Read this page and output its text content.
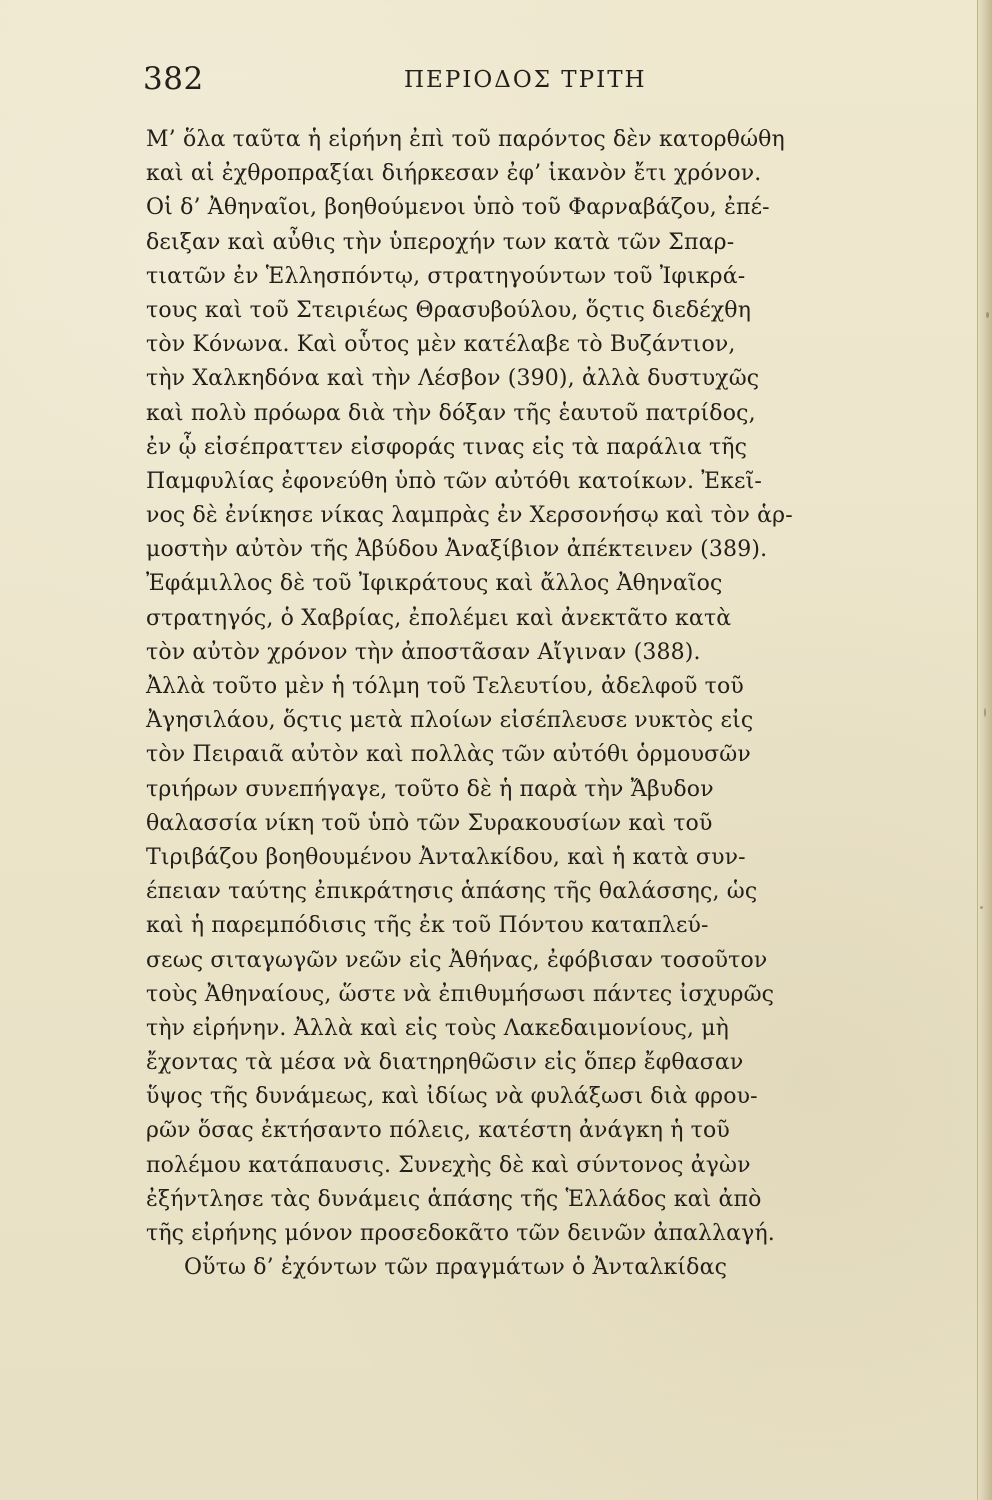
382	ΠΕΡΙΟΔΟΣ ΤΡΙΤΗ
Μ’ ὅλα ταῦτα ἡ εἰρήνη ἐπὶ τοῦ παρόντος δὲν κατορθώθη
καὶ αἱ ἐχθροπραξίαι διήρκεσαν ἐφ’ ἱκανὸν ἔτι χρόνον.
Οἱ δ’ Ἀθηναῖοι, βοηθούμενοι ὑπὸ τοῦ Φαρναβάζου, ἐπέ-
δειξαν καὶ αὖθις τὴν ὑπεροχήν των κατὰ τῶν Σπαρ-
τιατῶν ἐν Ἑλλησπόντῳ, στρατηγούντων τοῦ Ἰφικρά-
τους καὶ τοῦ Στειριέως Θρασυβούλου, ὅςτις διεδέχθη
τὸν Κόνωνα. Καὶ οὗτος μὲν κατέλαβε τὸ Βυζάντιον,
τὴν Χαλκηδόνα καὶ τὴν Λέσβον (390), ἀλλὰ δυστυχῶς
καὶ πολὺ πρόωρα διὰ τὴν δόξαν τῆς ἑαυτοῦ πατρίδος,
ἐν ᾧ εἰσέπραττεν εἰσφοράς τινας εἰς τὰ παράλια τῆς
Παμφυλίας ἐφονεύθη ὑπὸ τῶν αὐτόθι κατοίκων. Ἐκεῖ-
νος δὲ ἐνίκησε νίκας λαμπρὰς ἐν Χερσονήσῳ καὶ τὸν ἁρ-
μοστὴν αὐτὸν τῆς Ἀβύδου Ἀναξίβιον ἀπέκτεινεν (389).
Ἐφάμιλλος δὲ τοῦ Ἰφικράτους καὶ ἄλλος Ἀθηναῖος
στρατηγός, ὁ Χαβρίας, ἐπολέμει καὶ ἀνεκτᾶτο κατὰ
τὸν αὐτὸν χρόνον τὴν ἀποστᾶσαν Αἴγιναν (388).
Ἀλλὰ τοῦτο μὲν ἡ τόλμη τοῦ Τελευτίου, ἀδελφοῦ τοῦ
Ἀγησιλάου, ὅςτις μετὰ πλοίων εἰσέπλευσε νυκτὸς εἰς
τὸν Πειραιᾶ αὐτὸν καὶ πολλὰς τῶν αὐτόθι ὁρμουσῶν
τριήρων συνεπήγαγε, τοῦτο δὲ ἡ παρὰ τὴν Ἄβυδον
θαλασσία νίκη τοῦ ὑπὸ τῶν Συρακουσίων καὶ τοῦ
Τιριβάζου βοηθουμένου Ἀνταλκίδου, καὶ ἡ κατὰ συν-
έπειαν ταύτης ἐπικράτησις ἁπάσης τῆς θαλάσσης, ὡς
καὶ ἡ παρεμπόδισις τῆς ἐκ τοῦ Πόντου καταπλεύ-
σεως σιταγωγῶν νεῶν εἰς Ἀθήνας, ἐφόβισαν τοσοῦτον
τοὺς Ἀθηναίους, ὥστε νὰ ἐπιθυμήσωσι πάντες ἰσχυρῶς
τὴν εἰρήνην. Ἀλλὰ καὶ εἰς τοὺς Λακεδαιμονίους, μὴ
ἔχοντας τὰ μέσα νὰ διατηρηθῶσιν εἰς ὅπερ ἔφθασαν
ὕψος τῆς δυνάμεως, καὶ ἰδίως νὰ φυλάξωσι διὰ φρου-
ρῶν ὅσας ἐκτήσαντο πόλεις, κατέστη ἀνάγκη ἡ τοῦ
πολέμου κατάπαυσις. Συνεχὴς δὲ καὶ σύντονος ἀγὼν
ἐξήντλησε τὰς δυνάμεις ἁπάσης τῆς Ἑλλάδος καὶ ἀπὸ
τῆς εἰρήνης μόνον προσεδοκᾶτο τῶν δεινῶν ἀπαλλαγή.
Οὕτω δ’ ἐχόντων τῶν πραγμάτων ὁ Ἀνταλκίδας
